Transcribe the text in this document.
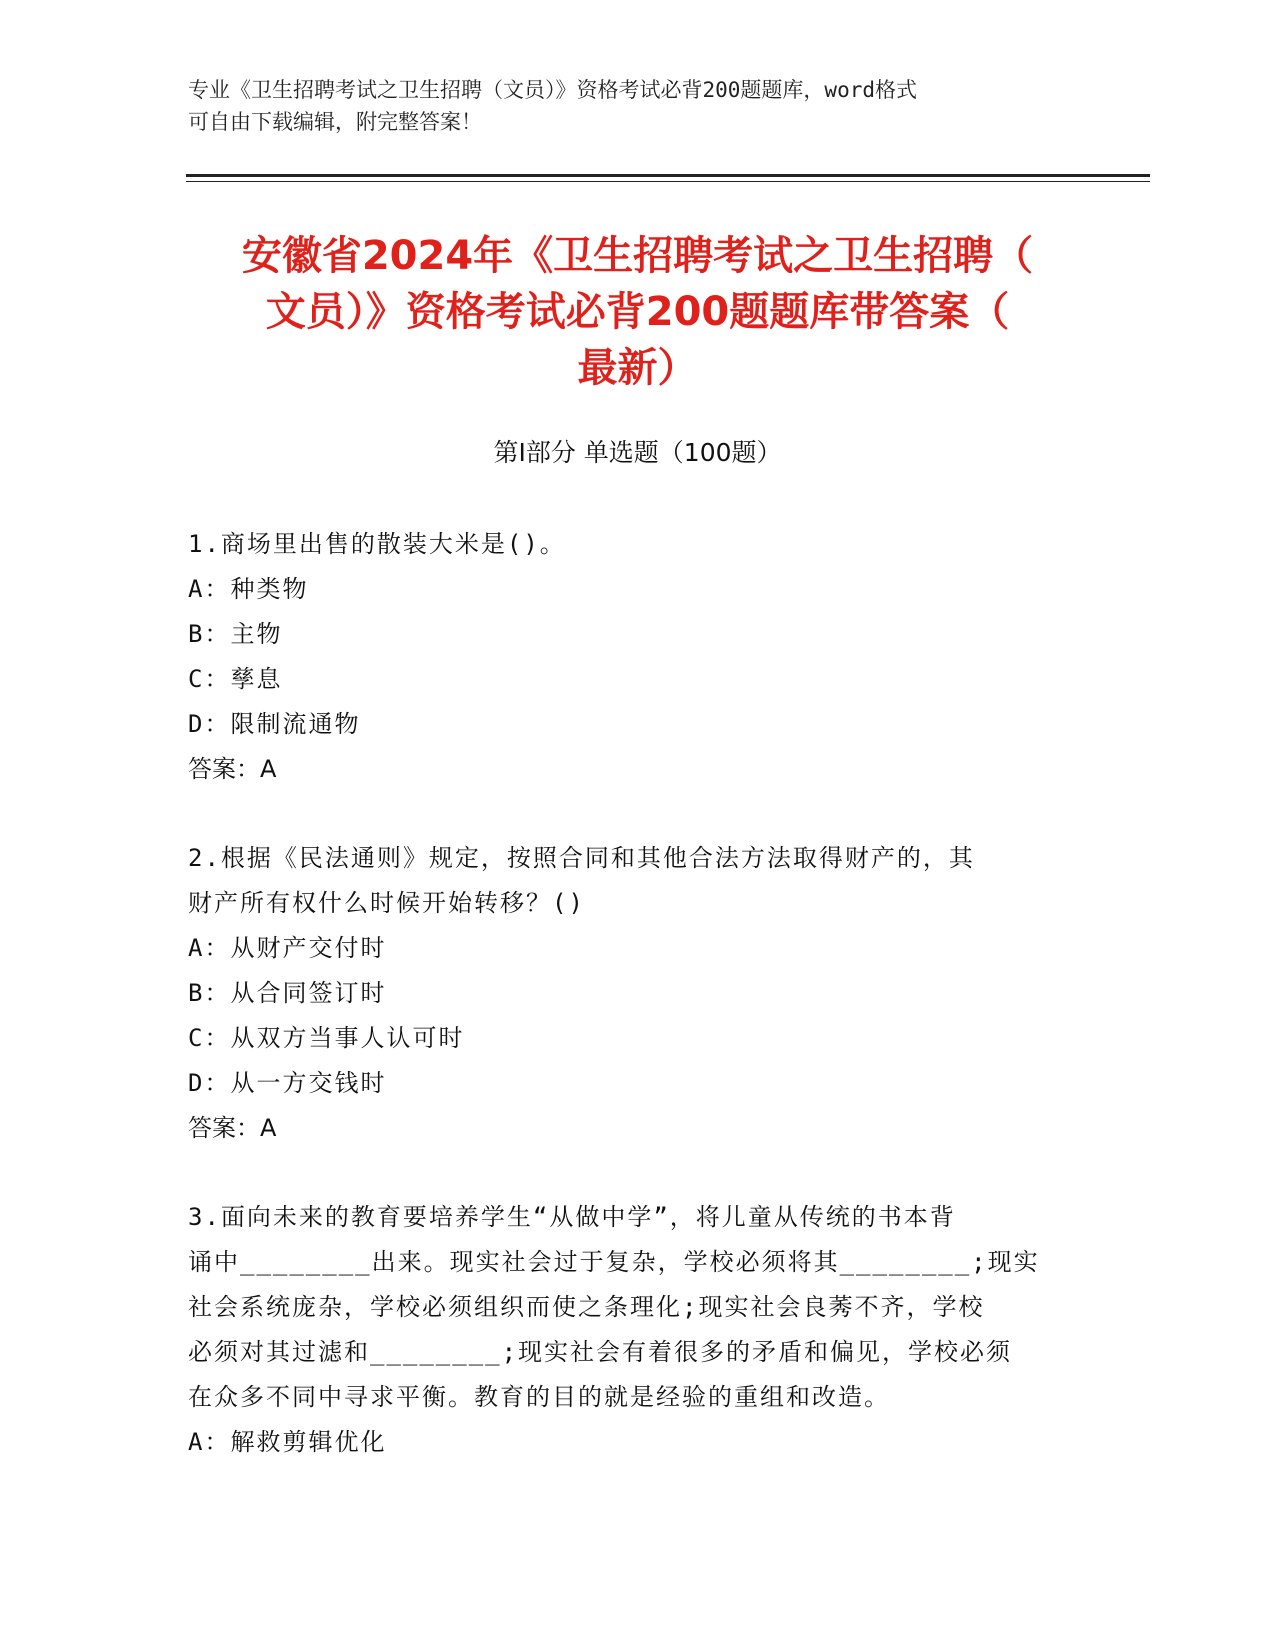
专业《卫生招聘考试之卫生招聘（文员）》资格考试必背200题题库，word格式
可自由下载编辑，附完整答案！
安徽省2024年《卫生招聘考试之卫生招聘（
文员）》资格考试必背200题题库带答案（
最新）
第I部分 单选题（100题）
1.商场里出售的散装大米是()。
A：种类物
B：主物
C：孳息
D：限制流通物
答案：A
2.根据《民法通则》规定，按照合同和其他合法方法取得财产的，其
财产所有权什么时候开始转移？()
A：从财产交付时
B：从合同签订时
C：从双方当事人认可时
D：从一方交钱时
答案：A
3.面向未来的教育要培养学生“从做中学”，将儿童从传统的书本背
诵中________出来。现实社会过于复杂，学校必须将其________;现实
社会系统庞杂，学校必须组织而使之条理化;现实社会良莠不齐，学校
必须对其过滤和________;现实社会有着很多的矛盾和偏见，学校必须
在众多不同中寻求平衡。教育的目的就是经验的重组和改造。
A：解救剪辑优化
